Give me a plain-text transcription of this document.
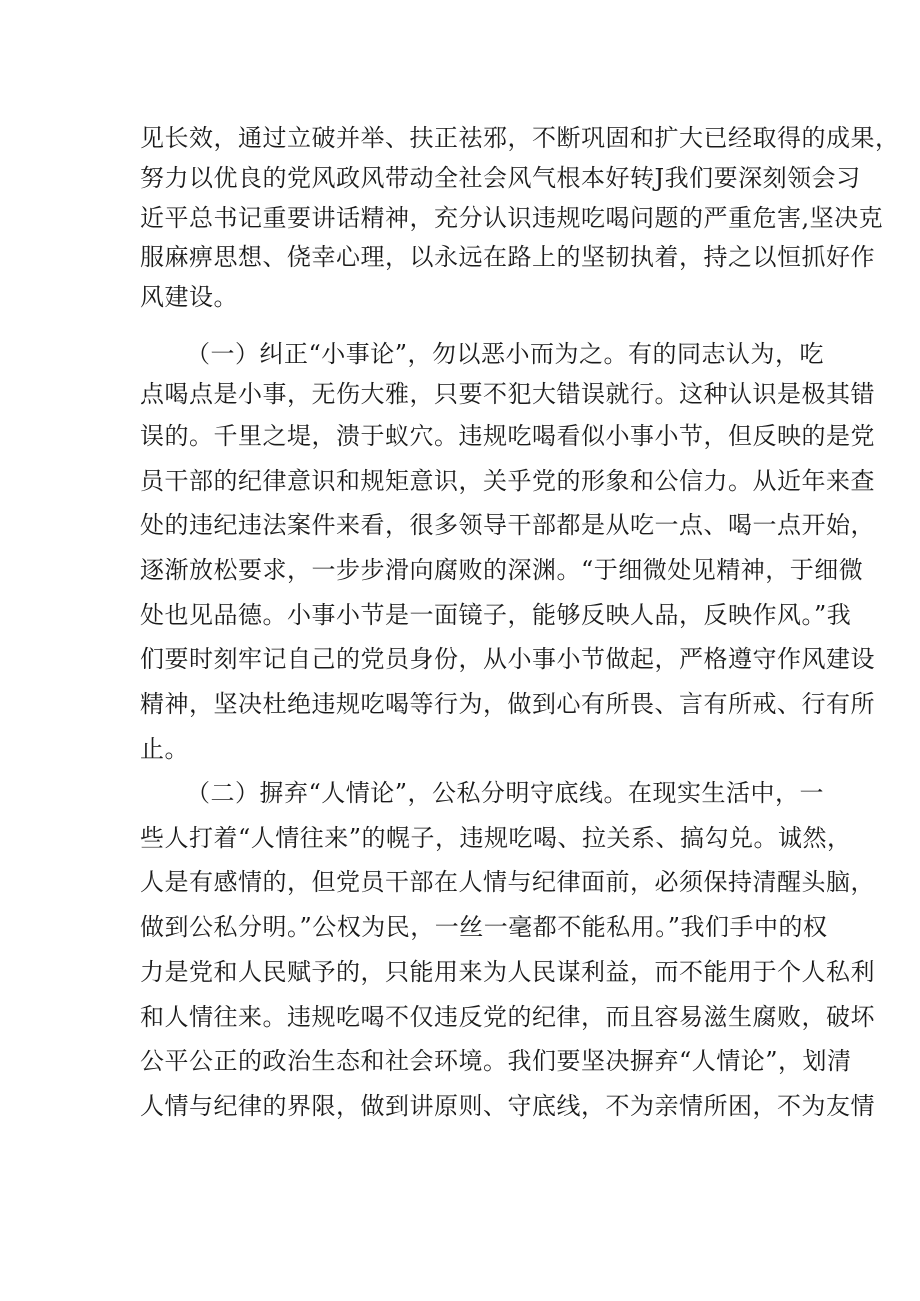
见长效，通过立破并举、扶正祛邪，不断巩固和扩大已经取得的成果，
努力以优良的党风政风带动全社会风气根本好转J我们要深刻领会习
近平总书记重要讲话精神，充分认识违规吃喝问题的严重危害,坚决克
服麻痹思想、侥幸心理，以永远在路上的坚韧执着，持之以恒抓好作
风建设。
（一）纠正“小事论”，勿以恶小而为之。有的同志认为，吃
点喝点是小事，无伤大雅，只要不犯大错误就行。这种认识是极其错
误的。千里之堤，溃于蚁穴。违规吃喝看似小事小节，但反映的是党
员干部的纪律意识和规矩意识，关乎党的形象和公信力。从近年来查
处的违纪违法案件来看，很多领导干部都是从吃一点、喝一点开始，
逐渐放松要求，一步步滑向腐败的深渊。“于细微处见精神，于细微
处也见品德。小事小节是一面镜子，能够反映人品，反映作风。”我
们要时刻牢记自己的党员身份，从小事小节做起，严格遵守作风建设
精神，坚决杜绝违规吃喝等行为，做到心有所畏、言有所戒、行有所
止。
（二）摒弃“人情论”，公私分明守底线。在现实生活中，一
些人打着“人情往来”的幌子，违规吃喝、拉关系、搞勾兑。诚然，
人是有感情的，但党员干部在人情与纪律面前，必须保持清醒头脑，
做到公私分明。”公权为民，一丝一毫都不能私用。”我们手中的权
力是党和人民赋予的，只能用来为人民谋利益，而不能用于个人私利
和人情往来。违规吃喝不仅违反党的纪律，而且容易滋生腐败，破坏
公平公正的政治生态和社会环境。我们要坚决摒弃“人情论”，划清
人情与纪律的界限，做到讲原则、守底线，不为亲情所困，不为友情
